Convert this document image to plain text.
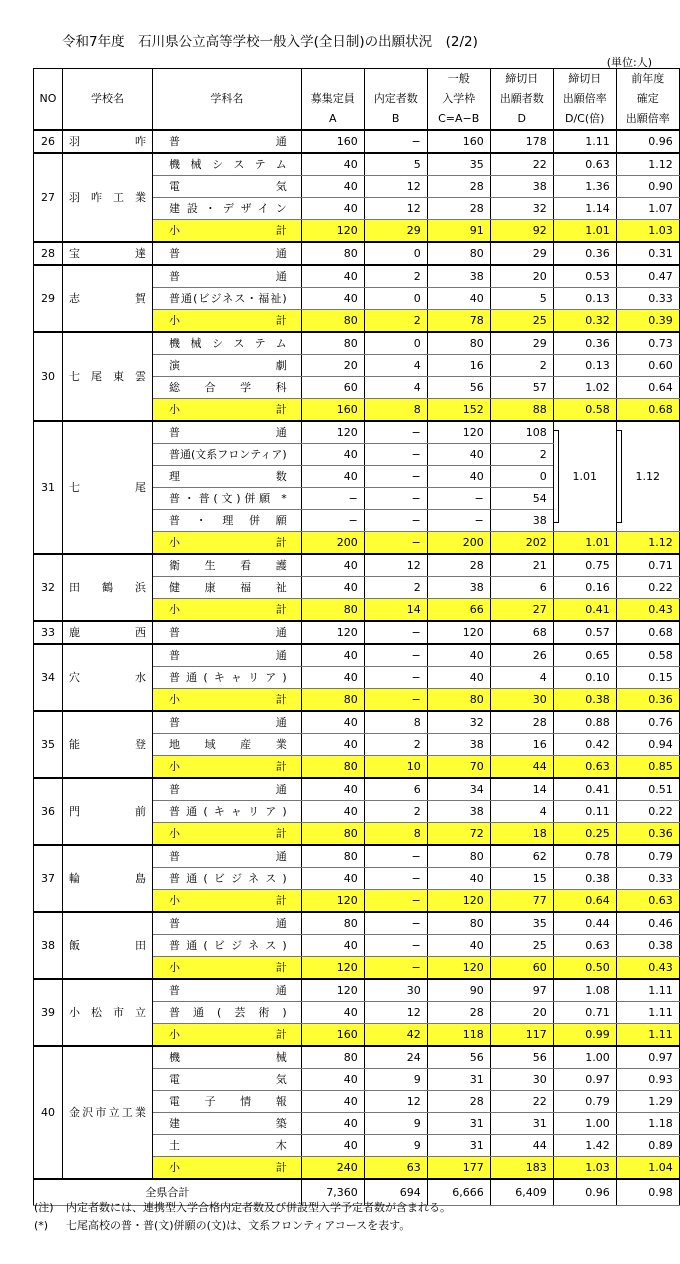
令和7年度　石川県公立高等学校一般入学(全日制)の出願状況　(2/2)
(単位:人)
NO	学校名	学科名			一般	締切日	締切日	前年度
			募集定員	内定者数	入学枠	出願者数	出願倍率	確定
			A	B	C=A−B	D	D/C(倍)	出願倍率
26	羽　咋	普　通	160	−	160	178	1.11	0.96
27	羽 咋 工 業	機械システム	40	5	35	22	0.63	1.12
		電　気	40	12	28	38	1.36	0.90
		建設・デザイン	40	12	28	32	1.14	1.07
		小　計	120	29	91	92	1.01	1.03
28	宝　達	普　通	80	0	80	29	0.36	0.31
29	志　賀	普　通	40	2	38	20	0.53	0.47
		普通(ビジネス・福祉)	40	0	40	5	0.13	0.33
		小　計	80	2	78	25	0.32	0.39
30	七 尾 東 雲	機械システム	80	0	80	29	0.36	0.73
		演　劇	20	4	16	2	0.13	0.60
		総合学科	60	4	56	57	1.02	0.64
		小　計	160	8	152	88	0.58	0.68
31	七　尾	普　通	120	−	120	108	1.01	1.12
		普通(文系フロンティア)	40	−	40	2		
		理　数	40	−	40	0		
		普・普(文)併願 *	−	−	−	54		
		普・理併願	−	−	−	38		
		小　計	200	−	200	202	1.01	1.12
32	田　鶴　浜	衛生看護	40	12	28	21	0.75	0.71
		健康福祉	40	2	38	6	0.16	0.22
		小　計	80	14	66	27	0.41	0.43
33	鹿　西	普　通	120	−	120	68	0.57	0.68
34	穴　水	普　通	40	−	40	26	0.65	0.58
		普通(キャリア)	40	−	40	4	0.10	0.15
		小　計	80	−	80	30	0.38	0.36
35	能　登	普　通	40	8	32	28	0.88	0.76
		地域産業	40	2	38	16	0.42	0.94
		小　計	80	10	70	44	0.63	0.85
36	門　前	普　通	40	6	34	14	0.41	0.51
		普通(キャリア)	40	2	38	4	0.11	0.22
		小　計	80	8	72	18	0.25	0.36
37	輪　島	普　通	80	−	80	62	0.78	0.79
		普通(ビジネス)	40	−	40	15	0.38	0.33
		小　計	120	−	120	77	0.64	0.63
38	飯　田	普　通	80	−	80	35	0.44	0.46
		普通(ビジネス)	40	−	40	25	0.63	0.38
		小　計	120	−	120	60	0.50	0.43
39	小 松 市 立	普　通	120	30	90	97	1.08	1.11
		普通(芸術)	40	12	28	20	0.71	1.11
		小　計	160	42	118	117	0.99	1.11
40	金沢市立工業	機　械	80	24	56	56	1.00	0.97
		電　気	40	9	31	30	0.97	0.93
		電子情報	40	12	28	22	0.79	1.29
		建　築	40	9	31	31	1.00	1.18
		土　木	40	9	31	44	1.42	0.89
		小　計	240	63	177	183	1.03	1.04
全県合計			7,360	694	6,666	6,409	0.96	0.98
(注) 内定者数には、連携型入学合格内定者数及び併設型入学予定者数が含まれる。
(*) 七尾高校の普・普(文)併願の(文)は、文系フロンティアコースを表す。
